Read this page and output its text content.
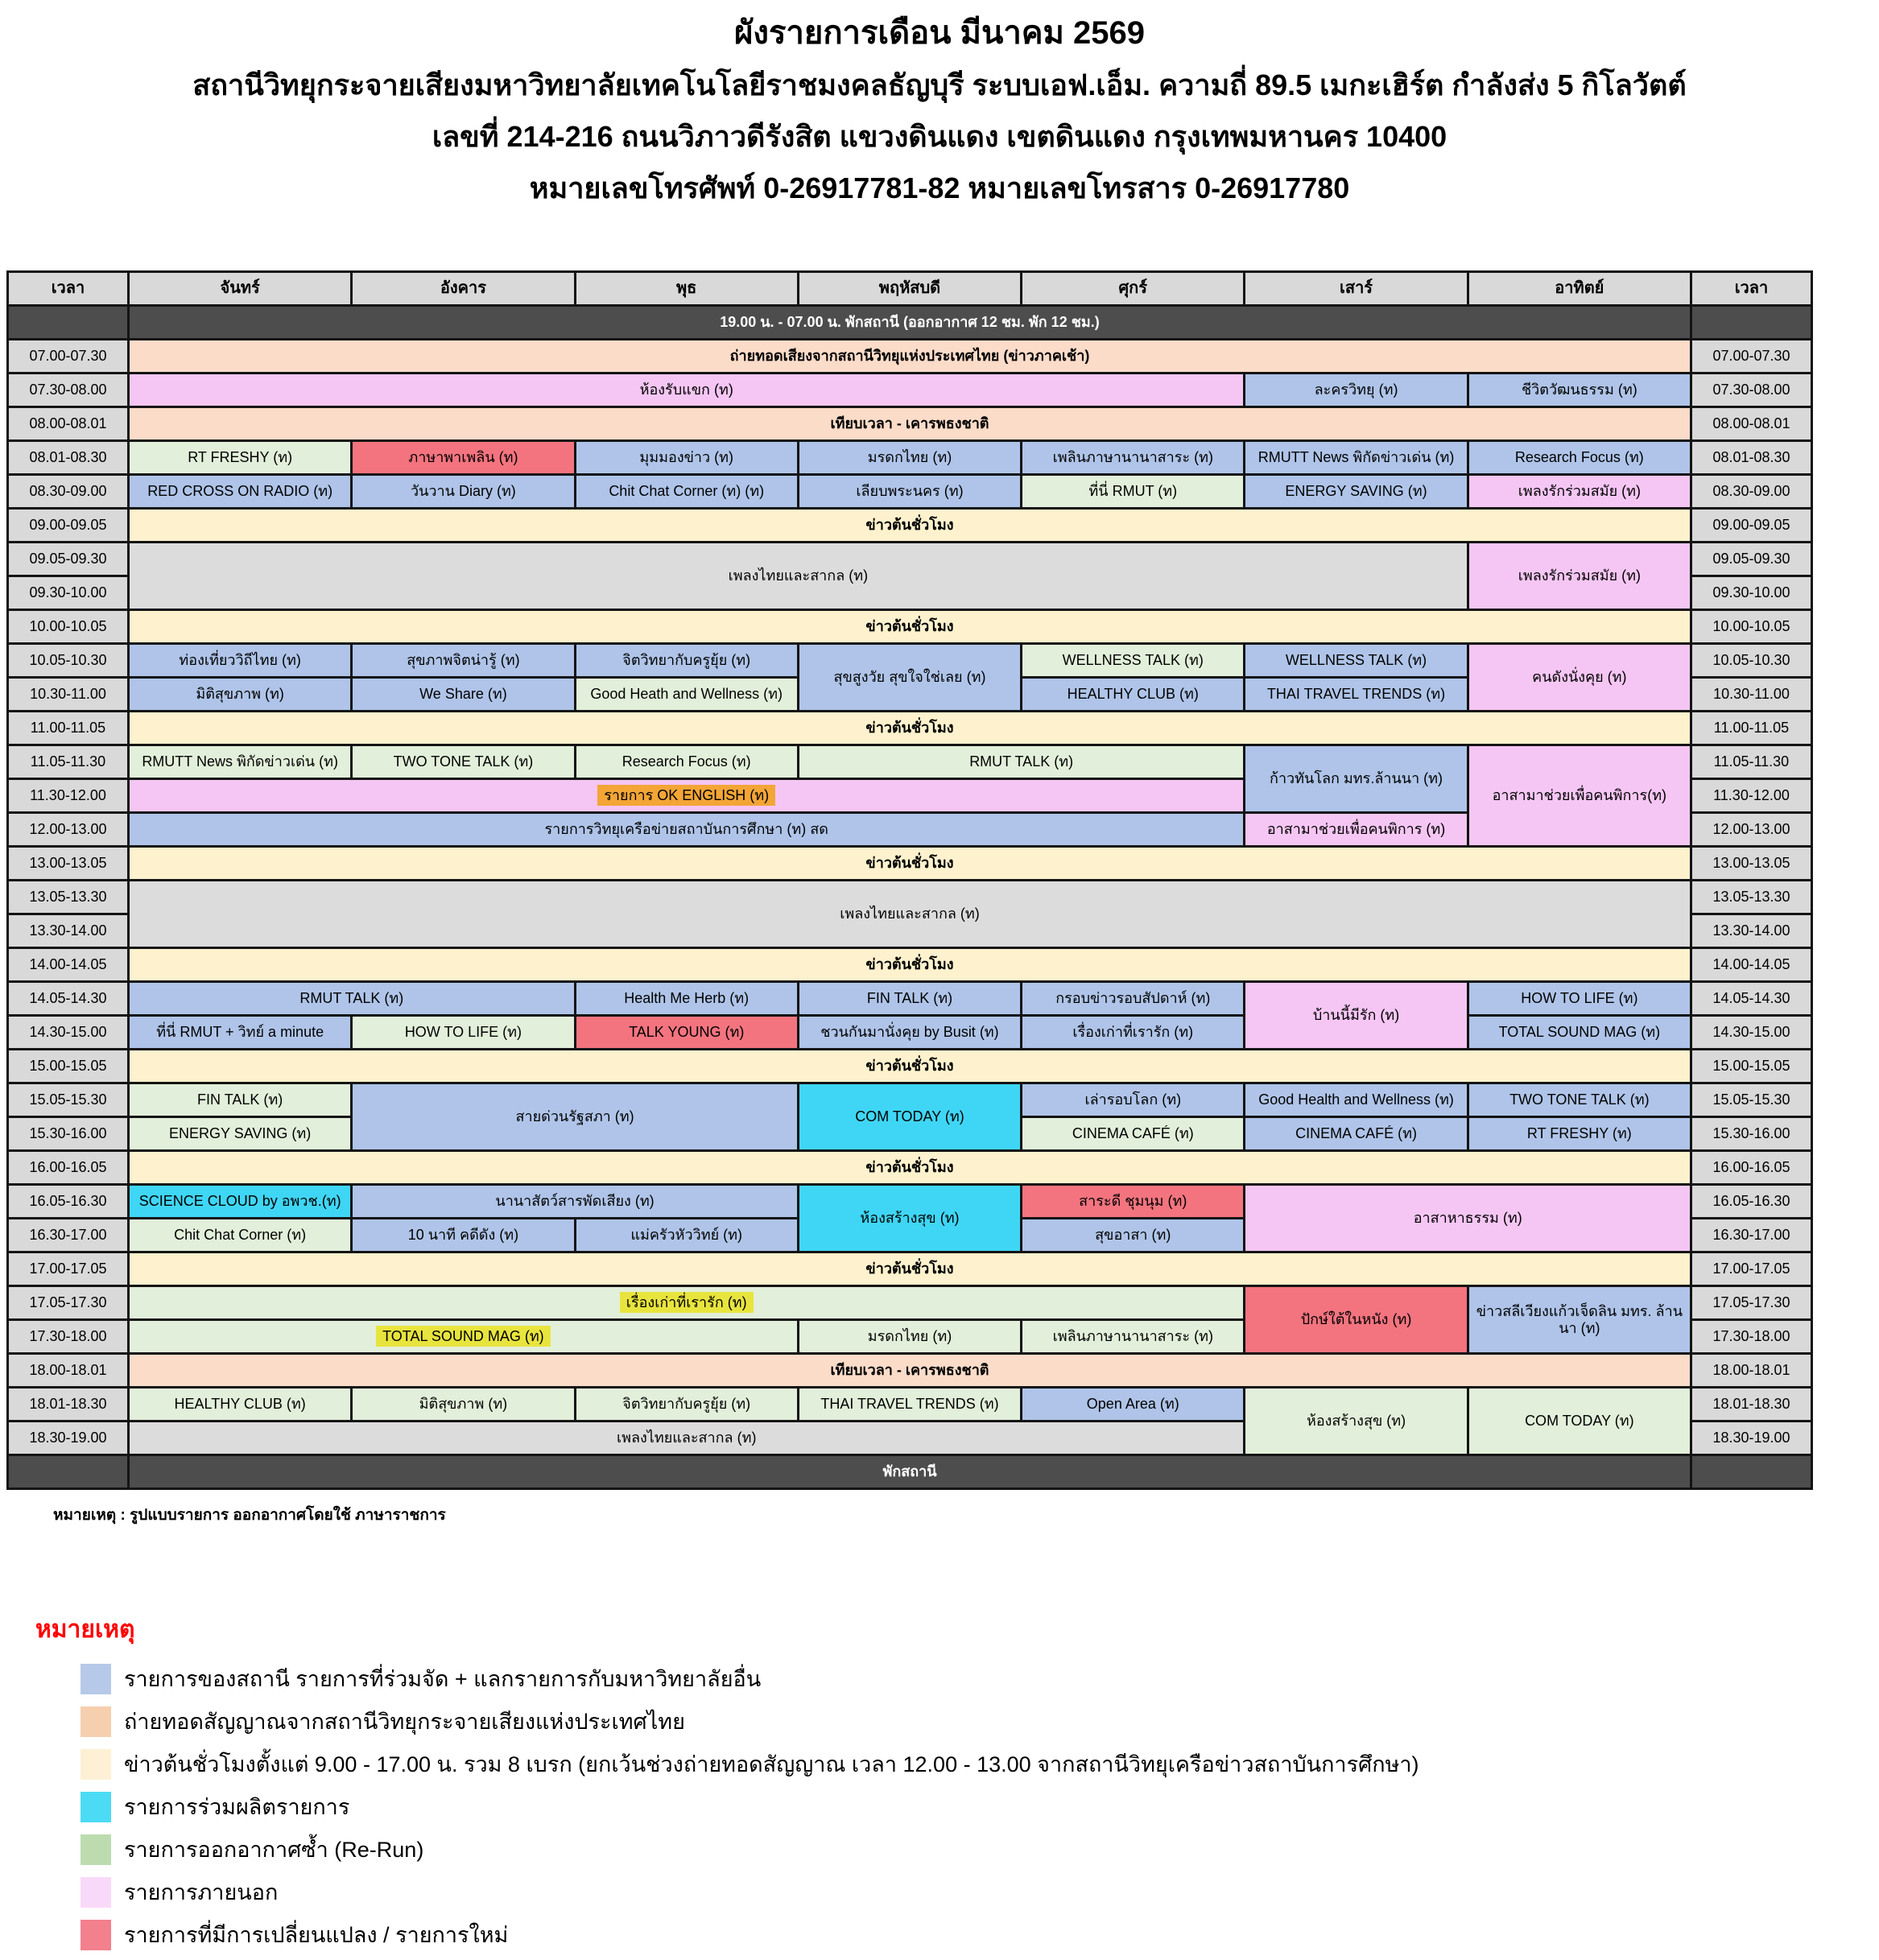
ผังรายการเดือน มีนาคม 2569

สถานีวิทยุกระจายเสียงมหาวิทยาลัยเทคโนโลยีราชมงคลธัญบุรี ระบบเอฟ.เอ็ม. ความถี่ 89.5 เมกะเฮิร์ต กำลังส่ง 5 กิโลวัตต์

เลขที่ 214-216 ถนนวิภาวดีรังสิต แขวงดินแดง เขตดินแดง กรุงเทพมหานคร 10400

หมายเลขโทรศัพท์ 0-26917781-82 หมายเลขโทรสาร 0-26917780

เวลา	จันทร์	อังคาร	พุธ	พฤหัสบดี	ศุกร์	เสาร์	อาทิตย์	เวลา
	19.00 น. - 07.00 น. พักสถานี (ออกอากาศ 12 ชม. พัก 12 ชม.)							
07.00-07.30	ถ่ายทอดเสียงจากสถานีวิทยุแห่งประเทศไทย (ข่าวภาคเช้า)							07.00-07.30
07.30-08.00	ห้องรับแขก (ท)					ละครวิทยุ (ท)	ชีวิตวัฒนธรรม (ท)	07.30-08.00
08.00-08.01	เทียบเวลา - เคารพธงชาติ							08.00-08.01
08.01-08.30	RT FRESHY (ท)	ภาษาพาเพลิน (ท)	มุมมองข่าว (ท)	มรดกไทย (ท)	เพลินภาษานานาสาระ (ท)	RMUTT News พิกัดข่าวเด่น (ท)	Research Focus (ท)	08.01-08.30
08.30-09.00	RED CROSS ON RADIO (ท)	วันวาน Diary (ท)	Chit Chat Corner (ท) (ท)	เลียบพระนคร (ท)	ที่นี่ RMUT (ท)	ENERGY SAVING (ท)	เพลงรักร่วมสมัย (ท)	08.30-09.00
09.00-09.05	ข่าวต้นชั่วโมง							09.00-09.05
09.05-09.30	เพลงไทยและสากล (ท)						เพลงรักร่วมสมัย (ท)	09.05-09.30
09.30-10.00								09.30-10.00
10.00-10.05	ข่าวต้นชั่วโมง							10.00-10.05
10.05-10.30	ท่องเที่ยววิถีไทย (ท)	สุขภาพจิตน่ารู้ (ท)	จิตวิทยากับครูยุ้ย (ท)	สุขสูงวัย สุขใจใช่เลย (ท)	WELLNESS TALK (ท)	WELLNESS TALK (ท)	คนดังนั่งคุย (ท)	10.05-10.30
10.30-11.00	มิติสุขภาพ (ท)	We Share (ท)	Good Heath and Wellness (ท)		HEALTHY CLUB (ท)	THAI TRAVEL TRENDS (ท)		10.30-11.00
11.00-11.05	ข่าวต้นชั่วโมง							11.00-11.05
11.05-11.30	RMUTT News พิกัดข่าวเด่น (ท)	TWO TONE TALK (ท)	Research Focus (ท)	RMUT TALK (ท)		ก้าวทันโลก มทร.ล้านนา (ท)	อาสามาช่วยเพื่อคนพิการ(ท)	11.05-11.30
11.30-12.00	รายการ OK ENGLISH (ท)							11.30-12.00
12.00-13.00	รายการวิทยุเครือข่ายสถาบันการศึกษา (ท) สด					อาสามาช่วยเพื่อคนพิการ (ท)		12.00-13.00
13.00-13.05	ข่าวต้นชั่วโมง							13.00-13.05
13.05-13.30	เพลงไทยและสากล (ท)							13.05-13.30
13.30-14.00								13.30-14.00
14.00-14.05	ข่าวต้นชั่วโมง							14.00-14.05
14.05-14.30	RMUT TALK (ท)		Health Me Herb (ท)	FIN TALK (ท)	กรอบข่าวรอบสัปดาห์ (ท)	บ้านนี้มีรัก (ท)	HOW TO LIFE (ท)	14.05-14.30
14.30-15.00	ที่นี่ RMUT + วิทย์ a minute	HOW TO LIFE (ท)	TALK YOUNG (ท)	ชวนกันมานั่งคุย by Busit (ท)	เรื่องเก่าที่เรารัก (ท)		TOTAL SOUND MAG (ท)	14.30-15.00
15.00-15.05	ข่าวต้นชั่วโมง							15.00-15.05
15.05-15.30	FIN TALK (ท)	สายด่วนรัฐสภา (ท)		COM TODAY (ท)	เล่ารอบโลก (ท)	Good Health and Wellness (ท)	TWO TONE TALK (ท)	15.05-15.30
15.30-16.00	ENERGY SAVING (ท)				CINEMA CAFÉ (ท)	CINEMA CAFÉ (ท)	RT FRESHY (ท)	15.30-16.00
16.00-16.05	ข่าวต้นชั่วโมง							16.00-16.05
16.05-16.30	SCIENCE CLOUD by อพวช.(ท)	นานาสัตว์สารพัดเสียง (ท)		ห้องสร้างสุข (ท)	สาระดี ชุมนุม (ท)	อาสาหาธรรม (ท)		16.05-16.30
16.30-17.00	Chit Chat Corner (ท)	10 นาที คดีดัง (ท)	แม่ครัวหัววิทย์ (ท)		สุขอาสา (ท)			16.30-17.00
17.00-17.05	ข่าวต้นชั่วโมง							17.00-17.05
17.05-17.30	เรื่องเก่าที่เรารัก (ท)					ปักษ์ใต้ในหนัง (ท)	ข่าวสลีเวียงแก้วเจ็ดลิน มทร. ล้านนา (ท)	17.05-17.30
17.30-18.00	TOTAL SOUND MAG (ท)			มรดกไทย (ท)	เพลินภาษานานาสาระ (ท)			17.30-18.00
18.00-18.01	เทียบเวลา - เคารพธงชาติ							18.00-18.01
18.01-18.30	HEALTHY CLUB (ท)	มิติสุขภาพ (ท)	จิตวิทยากับครูยุ้ย (ท)	THAI TRAVEL TRENDS (ท)	Open Area (ท)	ห้องสร้างสุข (ท)	COM TODAY (ท)	18.01-18.30
18.30-19.00	เพลงไทยและสากล (ท)							18.30-19.00
	พักสถานี							
หมายเหตุ : รูปแบบรายการ ออกอากาศโดยใช้ ภาษาราชการ

หมายเหตุ

รายการของสถานี รายการที่ร่วมจัด + แลกรายการกับมหาวิทยาลัยอื่น
ถ่ายทอดสัญญาณจากสถานีวิทยุกระจายเสียงแห่งประเทศไทย
ข่าวต้นชั่วโมงตั้งแต่ 9.00 - 17.00 น. รวม 8 เบรก (ยกเว้นช่วงถ่ายทอดสัญญาณ เวลา 12.00 - 13.00 จากสถานีวิทยุเครือข่าวสถาบันการศึกษา)
รายการร่วมผลิตรายการ
รายการออกอากาศซ้ำ (Re-Run)
รายการภายนอก
รายการที่มีการเปลี่ยนแปลง / รายการใหม่
